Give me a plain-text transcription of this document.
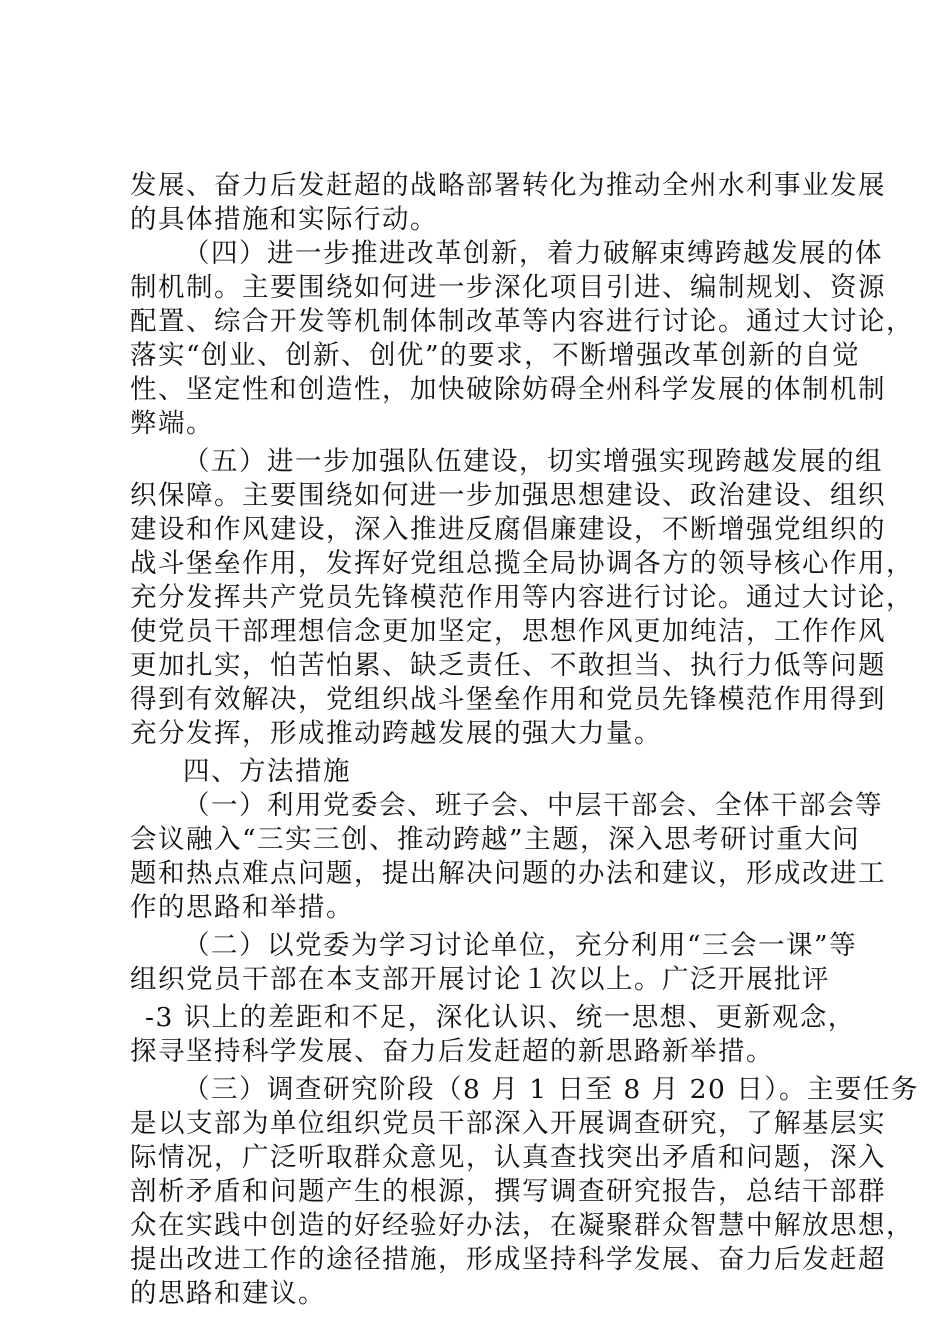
发展、奋力后发赶超的战略部署转化为推动全州水利事业发展
的具体措施和实际行动。
（四）进一步推进改革创新，着力破解束缚跨越发展的体
制机制。主要围绕如何进一步深化项目引进、编制规划、资源
配置、综合开发等机制体制改革等内容进行讨论。通过大讨论，
落实“创业、创新、创优”的要求，不断增强改革创新的自觉
性、坚定性和创造性，加快破除妨碍全州科学发展的体制机制
弊端。
（五）进一步加强队伍建设，切实增强实现跨越发展的组
织保障。主要围绕如何进一步加强思想建设、政治建设、组织
建设和作风建设，深入推进反腐倡廉建设，不断增强党组织的
战斗堡垒作用，发挥好党组总揽全局协调各方的领导核心作用，
充分发挥共产党员先锋模范作用等内容进行讨论。通过大讨论，
使党员干部理想信念更加坚定，思想作风更加纯洁，工作作风
更加扎实，怕苦怕累、缺乏责任、不敢担当、执行力低等问题
得到有效解决，党组织战斗堡垒作用和党员先锋模范作用得到
充分发挥，形成推动跨越发展的强大力量。
四、方法措施
（一）利用党委会、班子会、中层干部会、全体干部会等
会议融入“三实三创、推动跨越”主题，深入思考研讨重大问
题和热点难点问题，提出解决问题的办法和建议，形成改进工
作的思路和举措。
（二）以党委为学习讨论单位，充分利用“三会一课”等
组织党员干部在本支部开展讨论１次以上。广泛开展批评
-3 识上的差距和不足，深化认识、统一思想、更新观念，
探寻坚持科学发展、奋力后发赶超的新思路新举措。
（三）调查研究阶段（8 月 1 日至 8 月 20 日）。主要任务
是以支部为单位组织党员干部深入开展调查研究，了解基层实
际情况，广泛听取群众意见，认真查找突出矛盾和问题，深入
剖析矛盾和问题产生的根源，撰写调查研究报告，总结干部群
众在实践中创造的好经验好办法，在凝聚群众智慧中解放思想，
提出改进工作的途径措施，形成坚持科学发展、奋力后发赶超
的思路和建议。
